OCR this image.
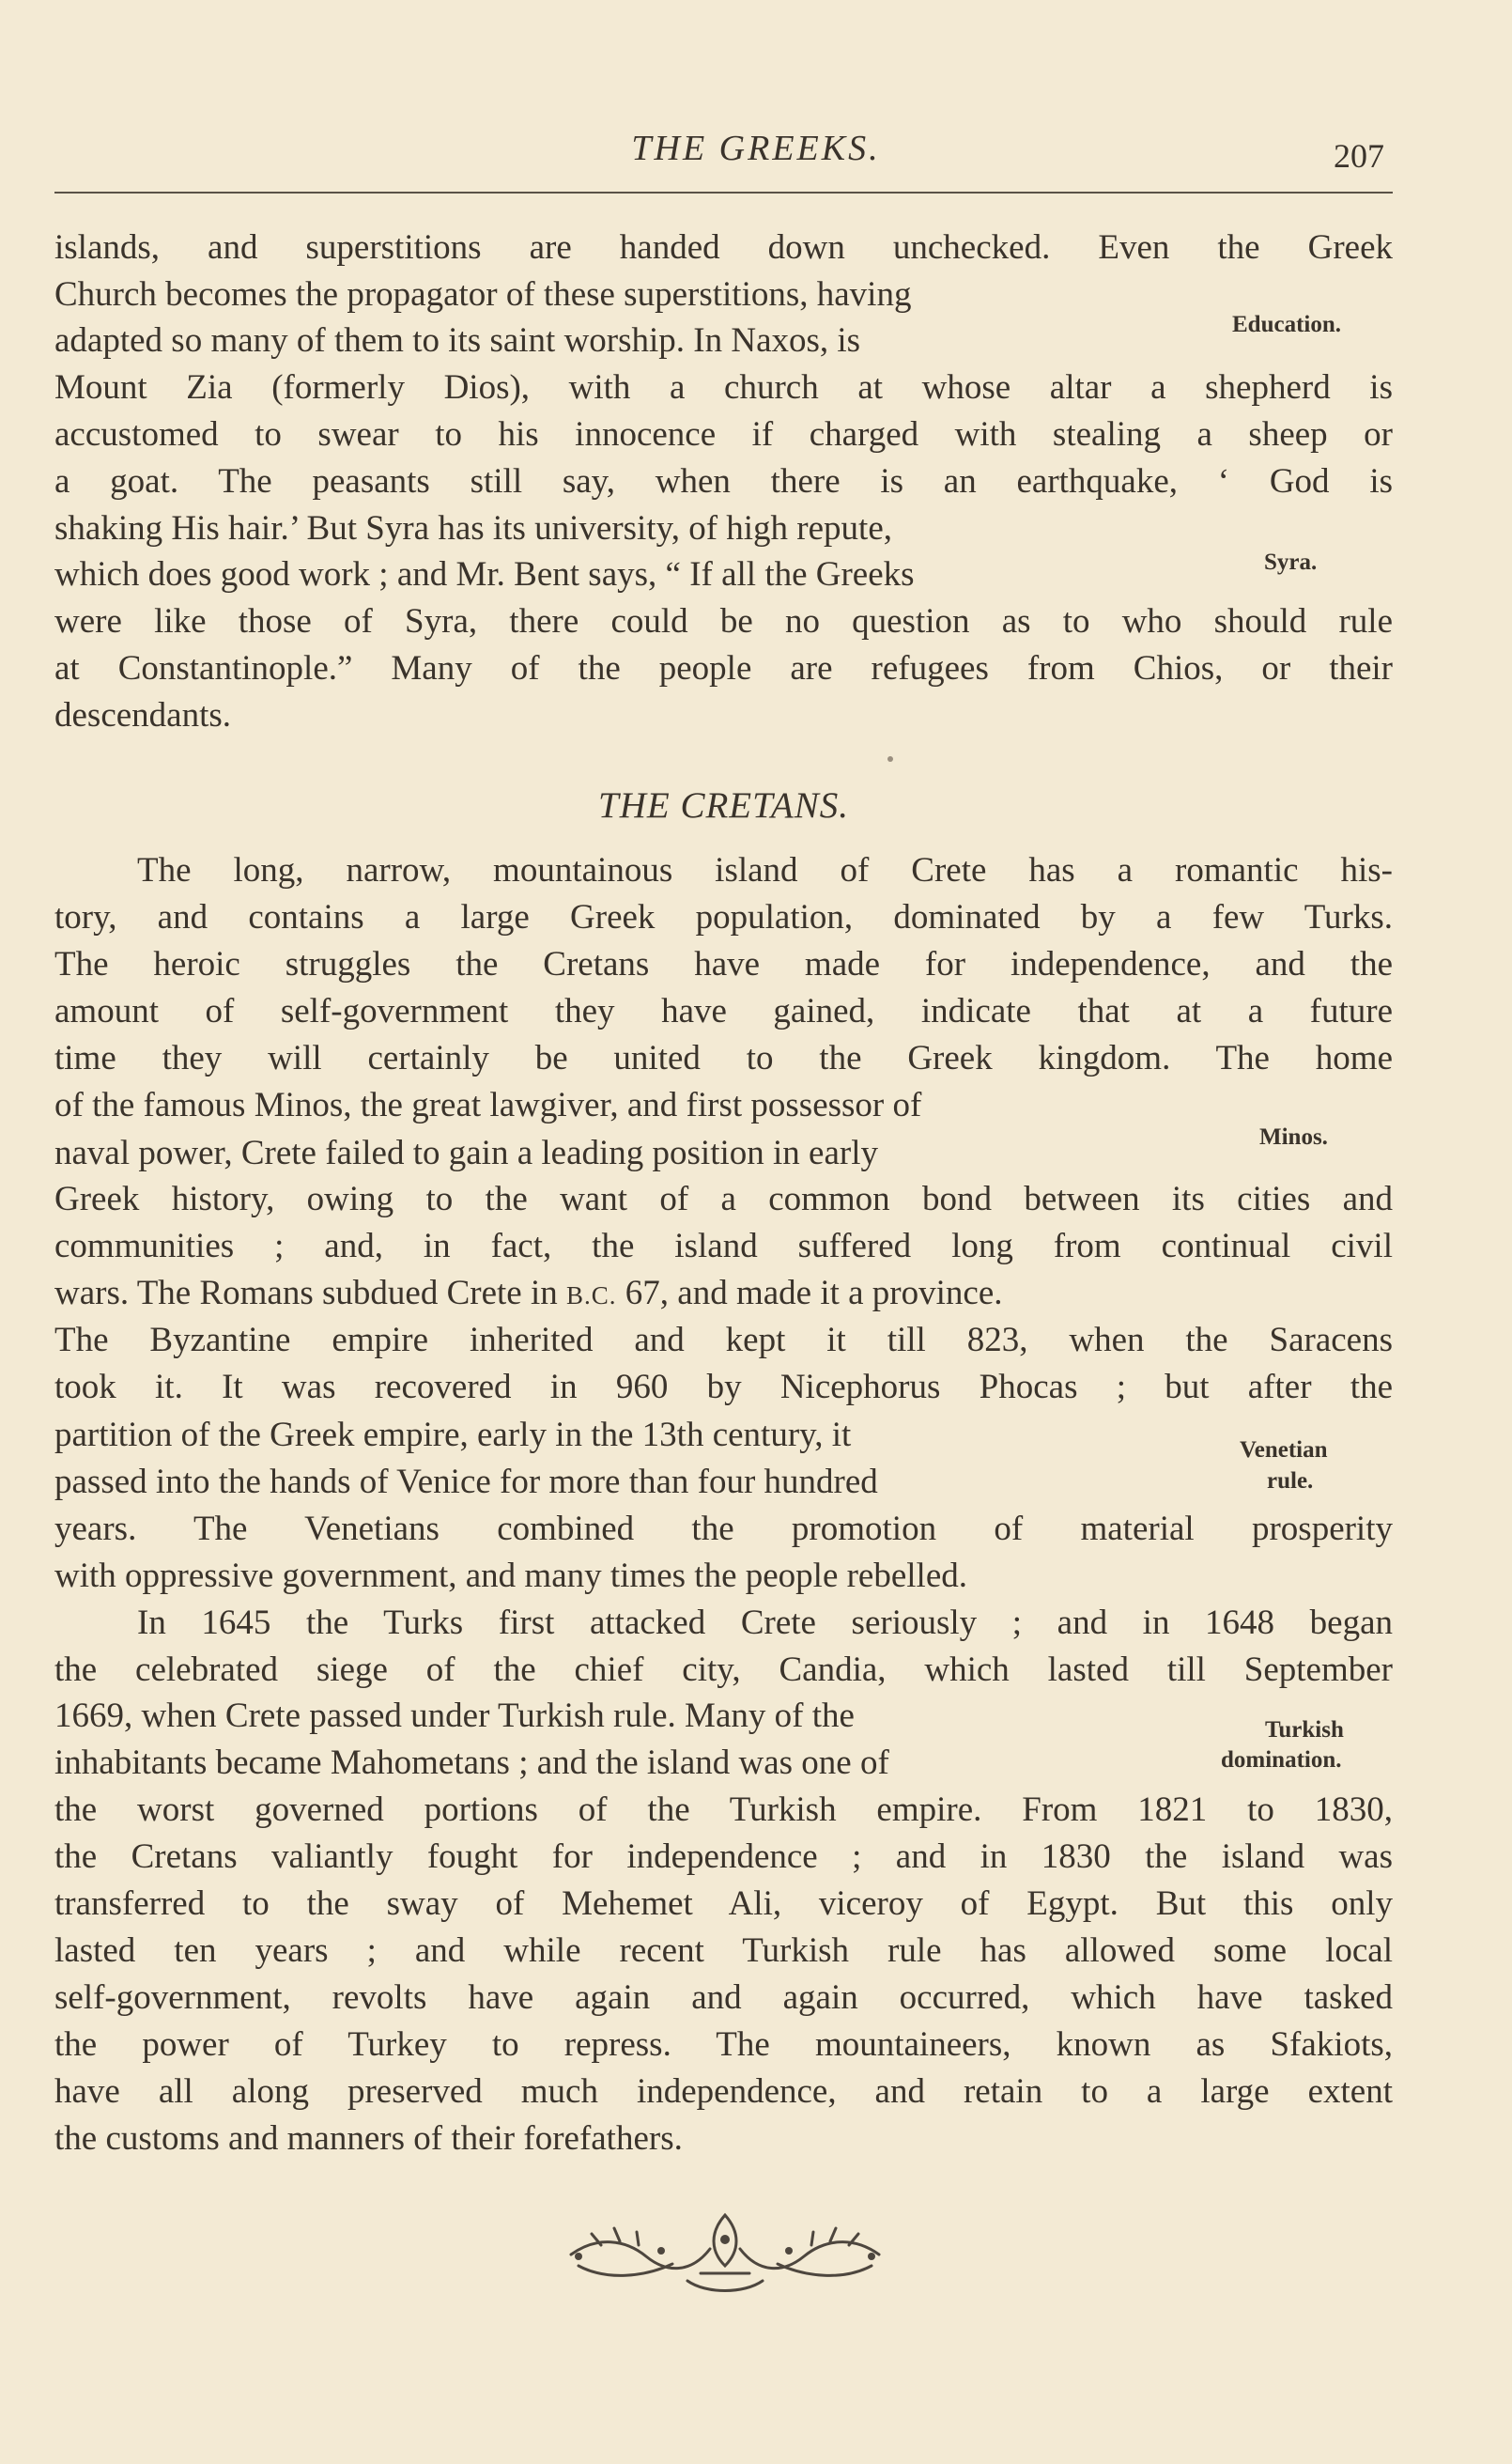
THE GREEKS.	207
islands, and superstitions are handed down unchecked. Even the Greek
Church becomes the propagator of these superstitions, having
adapted so many of them to its saint worship. In Naxos, is
Mount Zia (formerly Dios), with a church at whose altar a shepherd is
accustomed to swear to his innocence if charged with stealing a sheep or
a goat. The peasants still say, when there is an earthquake, ‘ God is
shaking His hair.’ But Syra has its university, of high repute,
which does good work ; and Mr. Bent says, “ If all the Greeks
were like those of Syra, there could be no question as to who should rule
at Constantinople.” Many of the people are refugees from Chios, or their
descendants.
THE CRETANS.
The long, narrow, mountainous island of Crete has a romantic his-
tory, and contains a large Greek population, dominated by a few Turks.
The heroic struggles the Cretans have made for independence, and the
amount of self-government they have gained, indicate that at a future
time they will certainly be united to the Greek kingdom. The home
of the famous Minos, the great lawgiver, and first possessor of
naval power, Crete failed to gain a leading position in early
Greek history, owing to the want of a common bond between its cities and
communities ; and, in fact, the island suffered long from continual civil
wars. The Romans subdued Crete in B.C. 67, and made it a province.
The Byzantine empire inherited and kept it till 823, when the Saracens
took it. It was recovered in 960 by Nicephorus Phocas ; but after the
partition of the Greek empire, early in the 13th century, it
passed into the hands of Venice for more than four hundred
years. The Venetians combined the promotion of material prosperity
with oppressive government, and many times the people rebelled.
In 1645 the Turks first attacked Crete seriously ; and in 1648 began
the celebrated siege of the chief city, Candia, which lasted till September
1669, when Crete passed under Turkish rule. Many of the
inhabitants became Mahometans ; and the island was one of
the worst governed portions of the Turkish empire. From 1821 to 1830,
the Cretans valiantly fought for independence ; and in 1830 the island was
transferred to the sway of Mehemet Ali, viceroy of Egypt. But this only
lasted ten years ; and while recent Turkish rule has allowed some local
self-government, revolts have again and again occurred, which have tasked
the power of Turkey to repress. The mountaineers, known as Sfakiots,
have all along preserved much independence, and retain to a large extent
the customs and manners of their forefathers.
Education.
Syra.
Minos.
Venetian
rule.
Turkish
domination.
